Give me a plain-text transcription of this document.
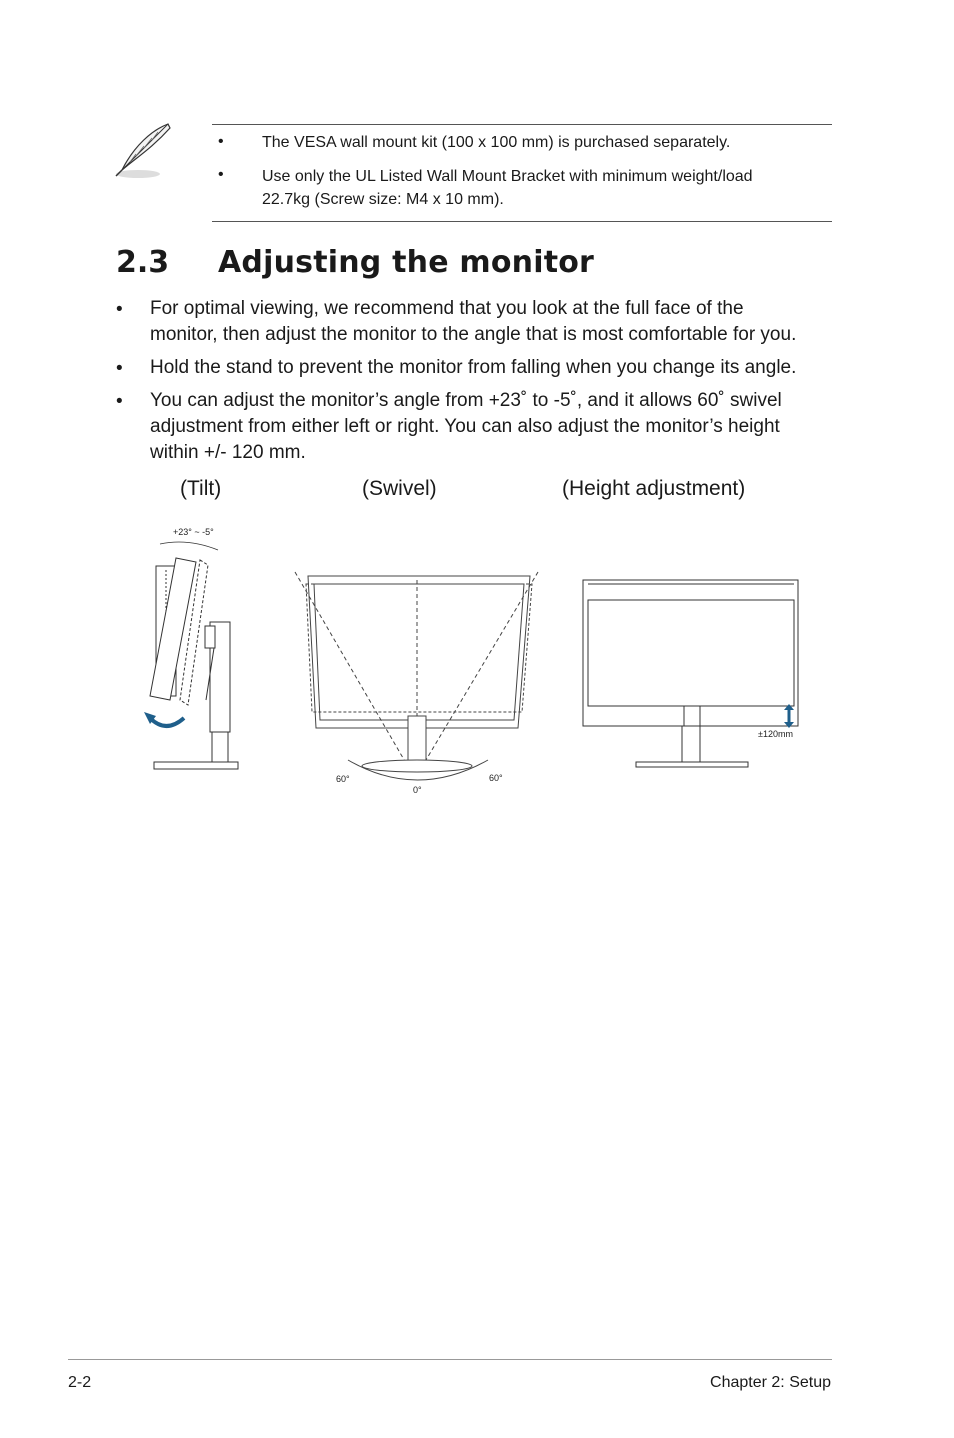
• The VESA wall mount kit (100 x 100 mm) is purchased separately.
• Use only the UL Listed Wall Mount Bracket with minimum weight/load
22.7kg (Screw size: M4 x 10 mm).
2.3 Adjusting the monitor
• For optimal viewing, we recommend that you look at the full face of the
monitor, then adjust the monitor to the angle that is most comfortable for you.
• Hold the stand to prevent the monitor from falling when you change its angle.
• You can adjust the monitor’s angle from +23˚ to -5˚, and it allows 60˚ swivel
adjustment from either left or right. You can also adjust the monitor’s height
within +/- 120 mm.
(Tilt)	(Swivel)	(Height adjustment)
+23° ~ -5°
60°
0°
60°
±120mm
2-2	Chapter 2: Setup
